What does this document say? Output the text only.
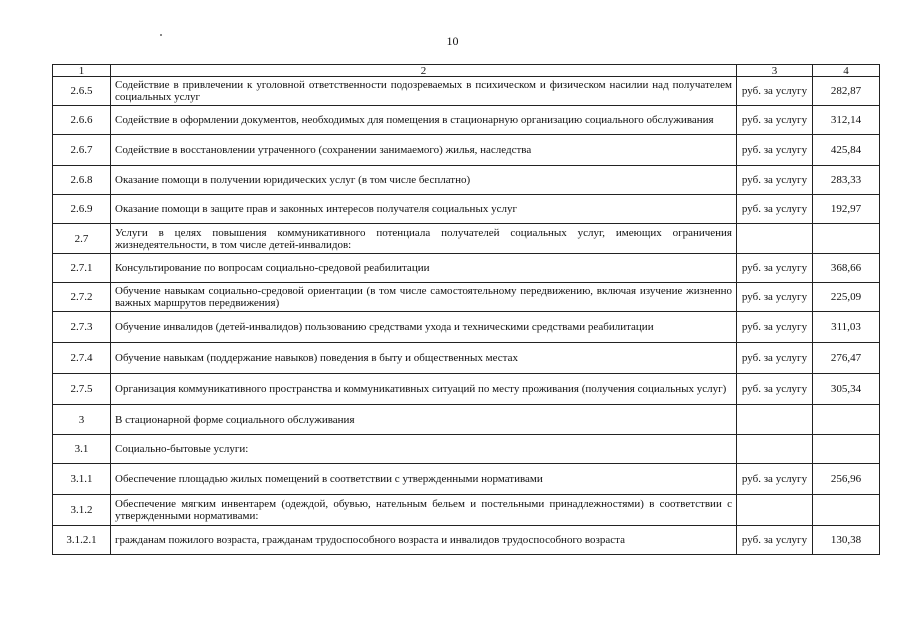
10
1	2	3	4
2.6.5	Содействие в привлечении к уголовной ответственности подозреваемых в психическом и физическом насилии над получателем социальных услуг	руб. за услугу	282,87
2.6.6	Содействие в оформлении документов, необходимых для помещения в стационарную организацию социального обслуживания	руб. за услугу	312,14
2.6.7	Содействие в восстановлении утраченного (сохранении занимаемого) жилья, наследства	руб. за услугу	425,84
2.6.8	Оказание помощи в получении юридических услуг (в том числе бесплатно)	руб. за услугу	283,33
2.6.9	Оказание помощи в защите прав и законных интересов получателя социальных услуг	руб. за услугу	192,97
2.7	Услуги в целях повышения коммуникативного потенциала получателей социальных услуг, имеющих ограничения жизнедеятельности, в том числе детей-инвалидов:		
2.7.1	Консультирование по вопросам социально-средовой реабилитации	руб. за услугу	368,66
2.7.2	Обучение навыкам социально-средовой ориентации (в том числе самостоятельному передвижению, включая изучение жизненно важных маршрутов передвижения)	руб. за услугу	225,09
2.7.3	Обучение инвалидов (детей-инвалидов) пользованию средствами ухода и техническими средствами реабилитации	руб. за услугу	311,03
2.7.4	Обучение навыкам (поддержание навыков) поведения в быту и общественных местах	руб. за услугу	276,47
2.7.5	Организация коммуникативного пространства и коммуникативных ситуаций по месту проживания (получения социальных услуг)	руб. за услугу	305,34
3	В стационарной форме социального обслуживания		
3.1	Социально-бытовые услуги:		
3.1.1	Обеспечение площадью жилых помещений в соответствии с утвержденными нормативами	руб. за услугу	256,96
3.1.2	Обеспечение мягким инвентарем (одеждой, обувью, нательным бельем и постельными принадлежностями) в соответствии с утвержденными нормативами:		
3.1.2.1	гражданам пожилого возраста, гражданам трудоспособного возраста и инвалидов трудоспособного возраста	руб. за услугу	130,38
